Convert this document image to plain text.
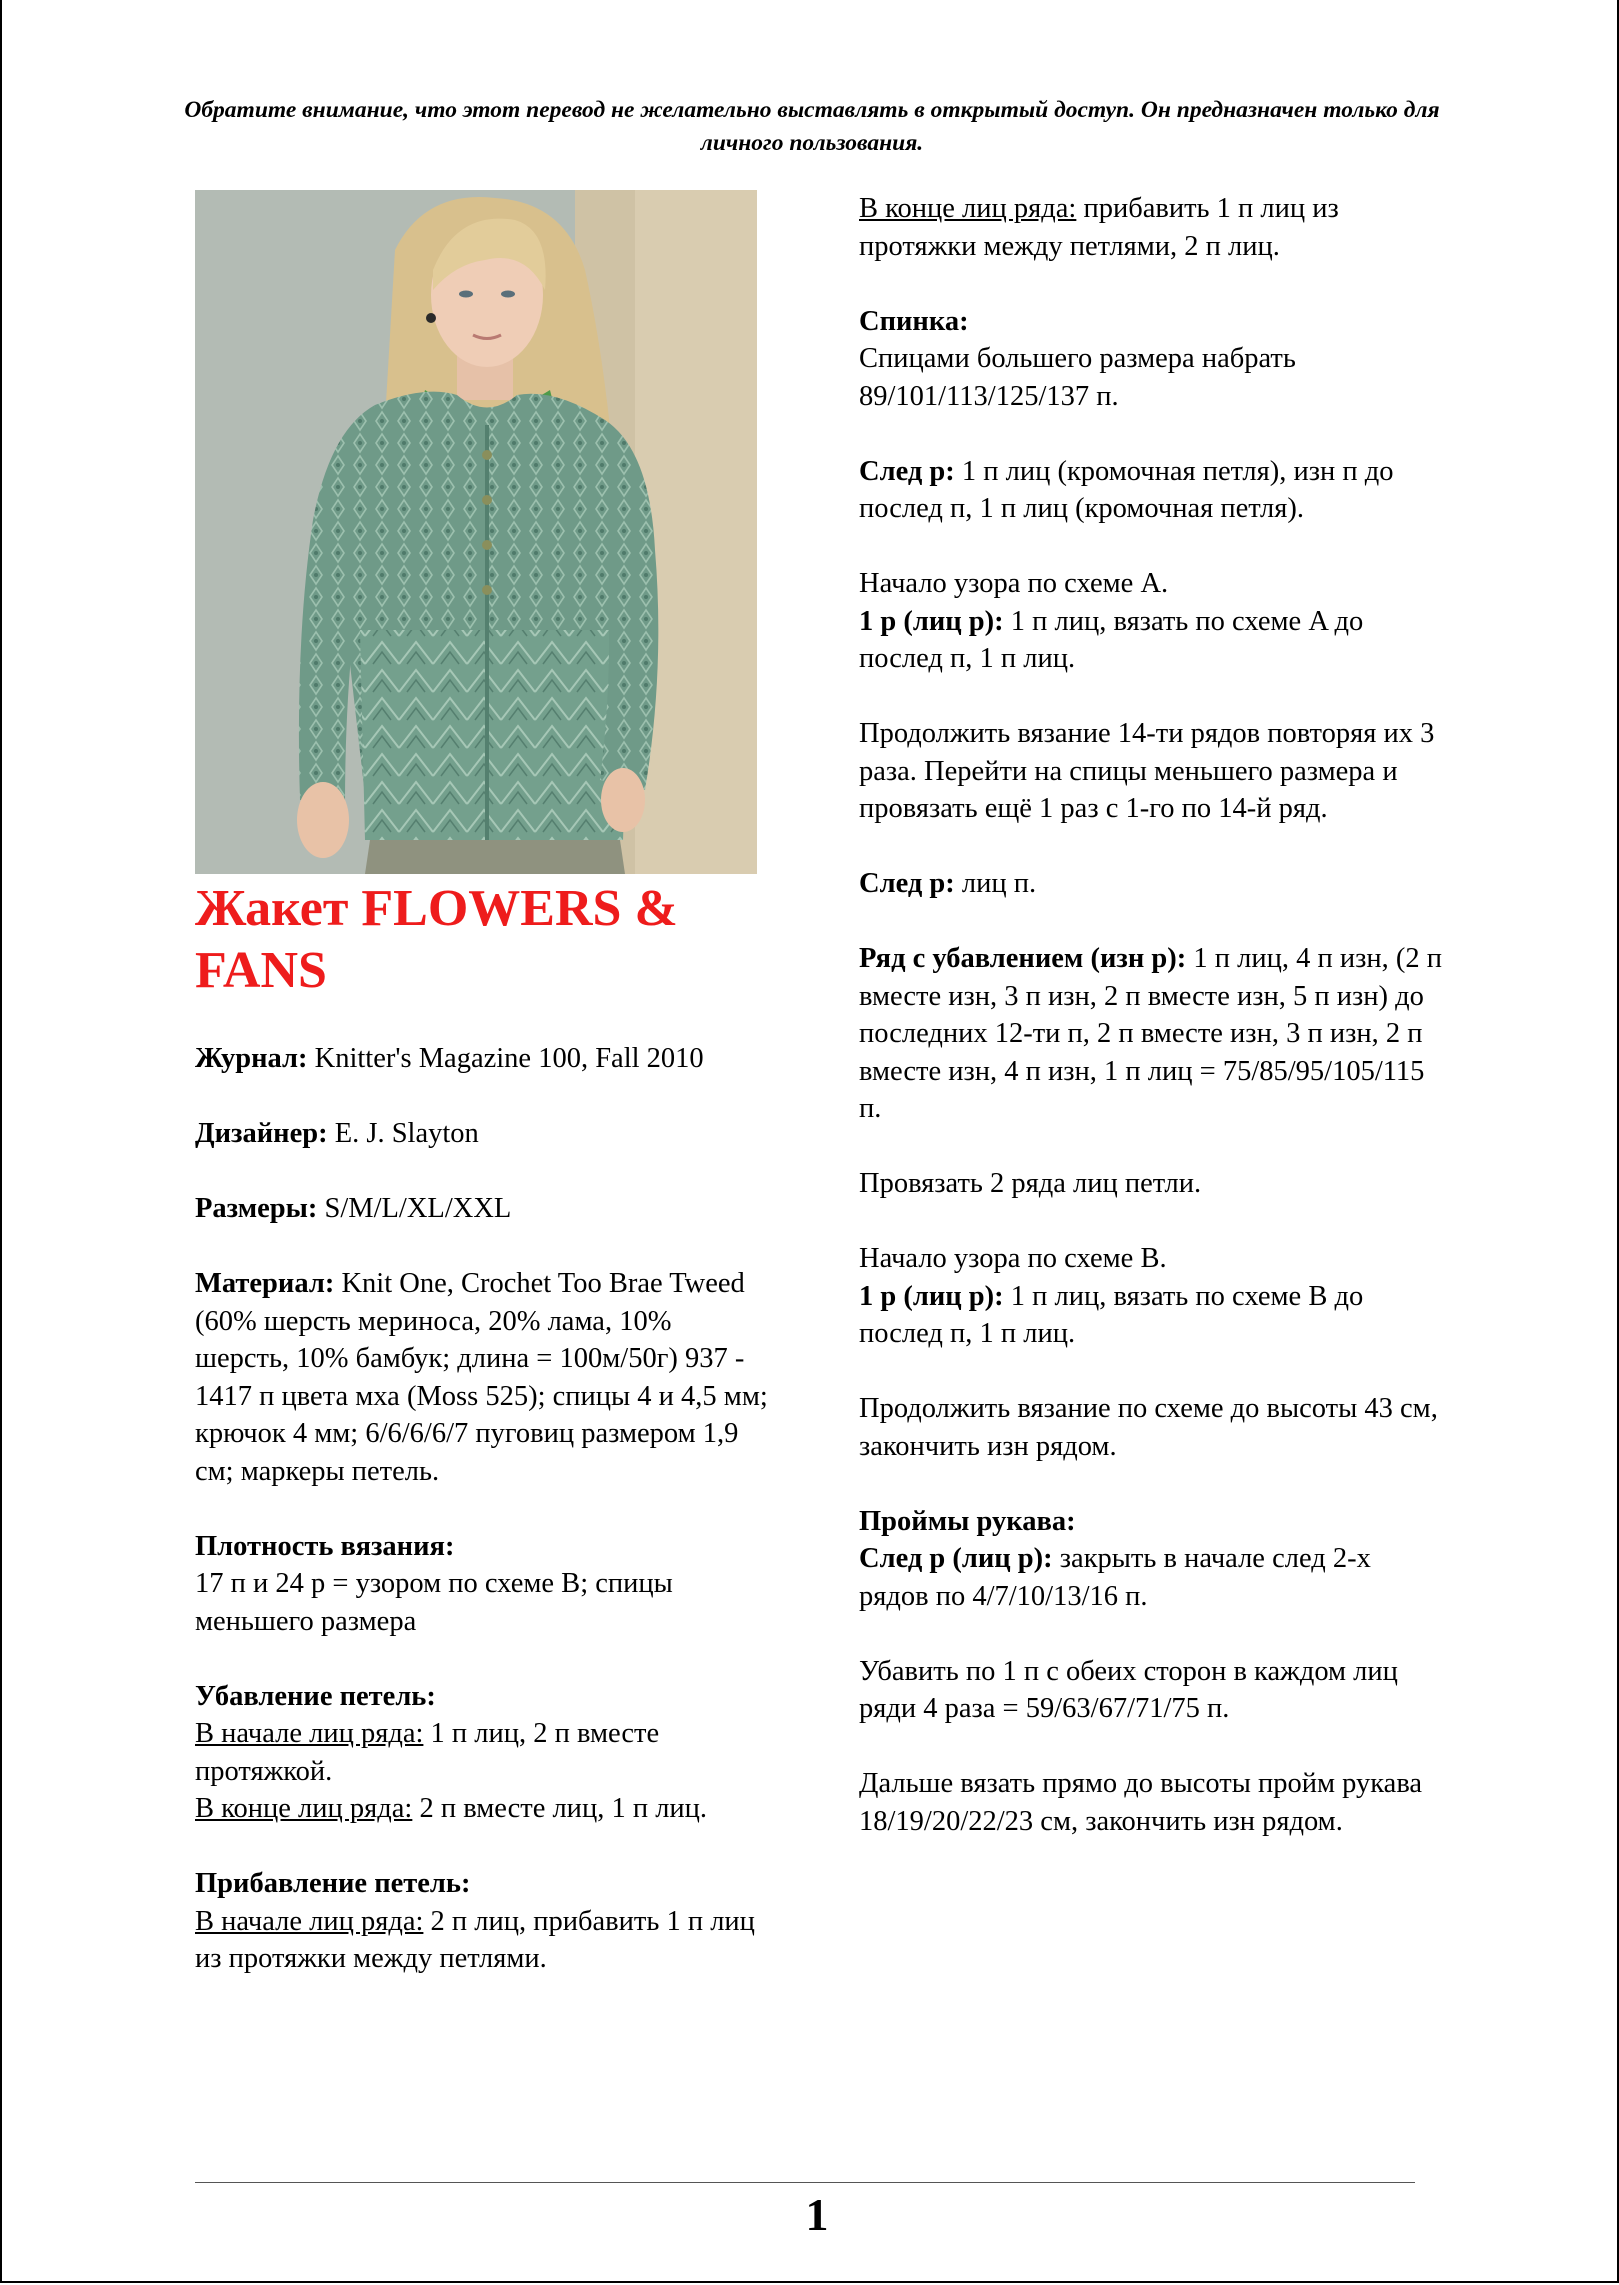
Обратите внимание, что этот перевод не желательно выставлять в открытый доступ. Он предназначен только для личного пользования.
Жакет FLOWERS & FANS

Журнал: Knitter's Magazine 100, Fall 2010

Дизайнер: E. J. Slayton

Размеры: S/M/L/XL/XXL

Материал: Knit One, Crochet Too Brae Tweed (60% шерсть мериноса, 20% лама, 10% шерсть, 10% бамбук; длина = 100м/50г) 937 - 1417 п цвета мха (Moss 525); спицы 4 и 4,5 мм; крючок 4 мм; 6/6/6/6/7 пуговиц размером 1,9 см; маркеры петель.

Плотность вязания:

17 п и 24 р = узором по схеме B; спицы меньшего размера

Убавление петель:

В начале лиц ряда: 1 п лиц, 2 п вместе протяжкой.

В конце лиц ряда: 2 п вместе лиц, 1 п лиц.

Прибавление петель:

В начале лиц ряда: 2 п лиц, прибавить 1 п лиц из протяжки между петлями.

В конце лиц ряда: прибавить 1 п лиц из протяжки между петлями, 2 п лиц.

Спинка:

Спицами большего размера набрать 89/101/113/125/137 п.

След р: 1 п лиц (кромочная петля), изн п до послед п, 1 п лиц (кромочная петля).

Начало узора по схеме A.

1 р (лиц р): 1 п лиц, вязать по схеме A до послед п, 1 п лиц.

Продолжить вязание 14-ти рядов повторяя их 3 раза. Перейти на спицы меньшего размера и провязать ещё 1 раз с 1-го по 14-й ряд.

След р: лиц п.

Ряд с убавлением (изн р): 1 п лиц, 4 п изн, (2 п вместе изн, 3 п изн, 2 п вместе изн, 5 п изн) до последних 12-ти п, 2 п вместе изн, 3 п изн, 2 п вместе изн, 4 п изн, 1 п лиц = 75/85/95/105/115 п.

Провязать 2 ряда лиц петли.

Начало узора по схеме B.

1 р (лиц р): 1 п лиц, вязать по схеме B до послед п, 1 п лиц.

Продолжить вязание по схеме до высоты 43 см, закончить изн рядом.

Проймы рукава:

След р (лиц р): закрыть в начале след 2-х рядов по 4/7/10/13/16 п.

Убавить по 1 п с обеих сторон в каждом лиц ряди 4 раза = 59/63/67/71/75 п.

Дальше вязать прямо до высоты пройм рукава 18/19/20/22/23 см, закончить изн рядом.

1
